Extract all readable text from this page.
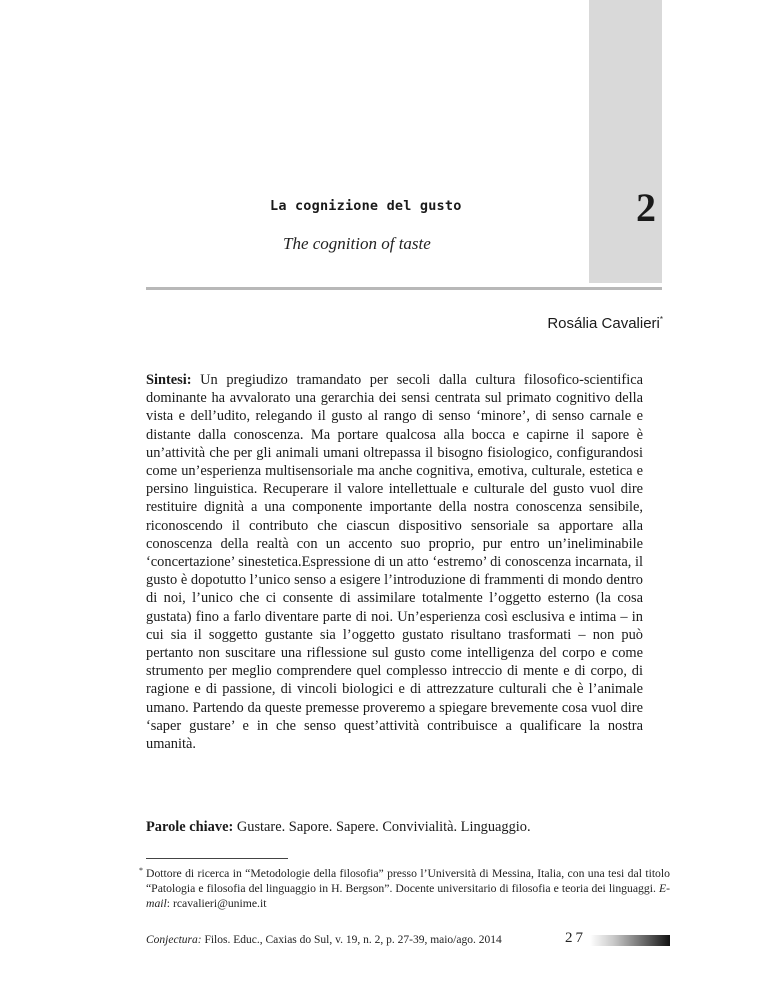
2
La cognizione del gusto
The cognition of taste
Rosália Cavalieri*
Sintesi: Un pregiudizo tramandato per secoli dalla cultura filosofico-scientifica dominante ha avvalorato una gerarchia dei sensi centrata sul primato cognitivo della vista e dell’udito, relegando il gusto al rango di senso ‘minore’, di senso carnale e distante dalla conoscenza. Ma portare qualcosa alla bocca e capirne il sapore è un’attività che per gli animali umani oltrepassa il bisogno fisiologico, configurandosi come un’esperienza multisensoriale ma anche cognitiva, emotiva, culturale, estetica e persino linguistica. Recuperare il valore intellettuale e culturale del gusto vuol dire restituire dignità a una componente importante della nostra conoscenza sensibile, riconoscendo il contributo che ciascun dispositivo sensoriale sa apportare alla conoscenza della realtà con un accento suo proprio, pur entro un’ineliminabile ‘concertazione’ sinestetica.Espressione di un atto ‘estremo’ di conoscenza incarnata, il gusto è dopotutto l’unico senso a esigere l’introduzione di frammenti di mondo dentro di noi, l’unico che ci consente di assimilare totalmente l’oggetto esterno (la cosa gustata) fino a farlo diventare parte di noi. Un’esperienza così esclusiva e intima – in cui sia il soggetto gustante sia l’oggetto gustato risultano trasformati – non può pertanto non suscitare una riflessione sul gusto come intelligenza del corpo e come strumento per meglio comprendere quel complesso intreccio di mente e di corpo, di ragione e di passione, di vincoli biologici e di attrezzature culturali che è l’animale umano. Partendo da queste premesse proveremo a spiegare brevemente cosa vuol dire ‘saper gustare’ e in che senso quest’attività contribuisce a qualificare la nostra umanità.
Parole chiave: Gustare. Sapore. Sapere. Convivialità. Linguaggio.
* Dottore di ricerca in “Metodologie della filosofia” presso l’Università di Messina, Italia, con una tesi dal titolo “Patologia e filosofia del linguaggio in H. Bergson”. Docente universitario di filosofia e teoria dei linguaggi. E-mail: rcavalieri@unime.it
Conjectura: Filos. Educ., Caxias do Sul, v. 19, n. 2, p. 27-39, maio/ago. 2014	27
